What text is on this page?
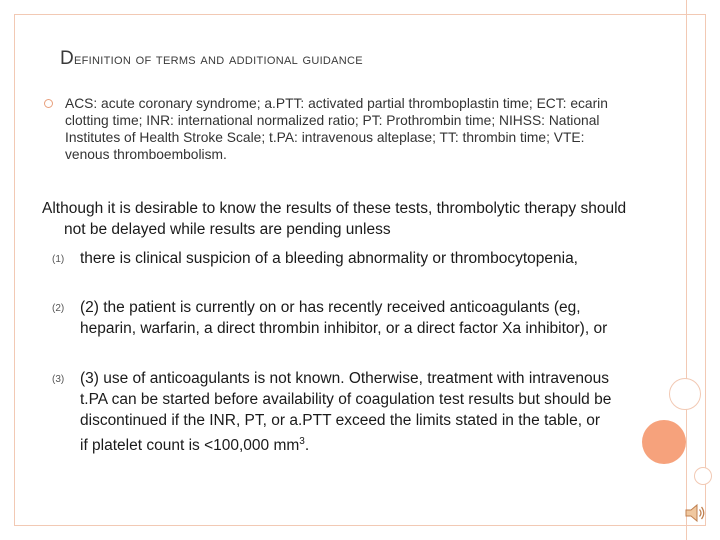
Definition of terms and additional guidance
ACS: acute coronary syndrome; a.PTT: activated partial thromboplastin time; ECT: ecarin clotting time; INR: international normalized ratio; PT: Prothrombin time; NIHSS: National Institutes of Health Stroke Scale; t.PA: intravenous alteplase; TT: thrombin time; VTE: venous thromboembolism.
Although it is desirable to know the results of these tests, thrombolytic therapy should not be delayed while results are pending unless
(1) there is clinical suspicion of a bleeding abnormality or thrombocytopenia,
(2) (2) the patient is currently on or has recently received anticoagulants (eg, heparin, warfarin, a direct thrombin inhibitor, or a direct factor Xa inhibitor), or
(3) (3) use of anticoagulants is not known. Otherwise, treatment with intravenous t.PA can be started before availability of coagulation test results but should be discontinued if the INR, PT, or a.PTT exceed the limits stated in the table, or if platelet count is <100,000 $mm^3$.
